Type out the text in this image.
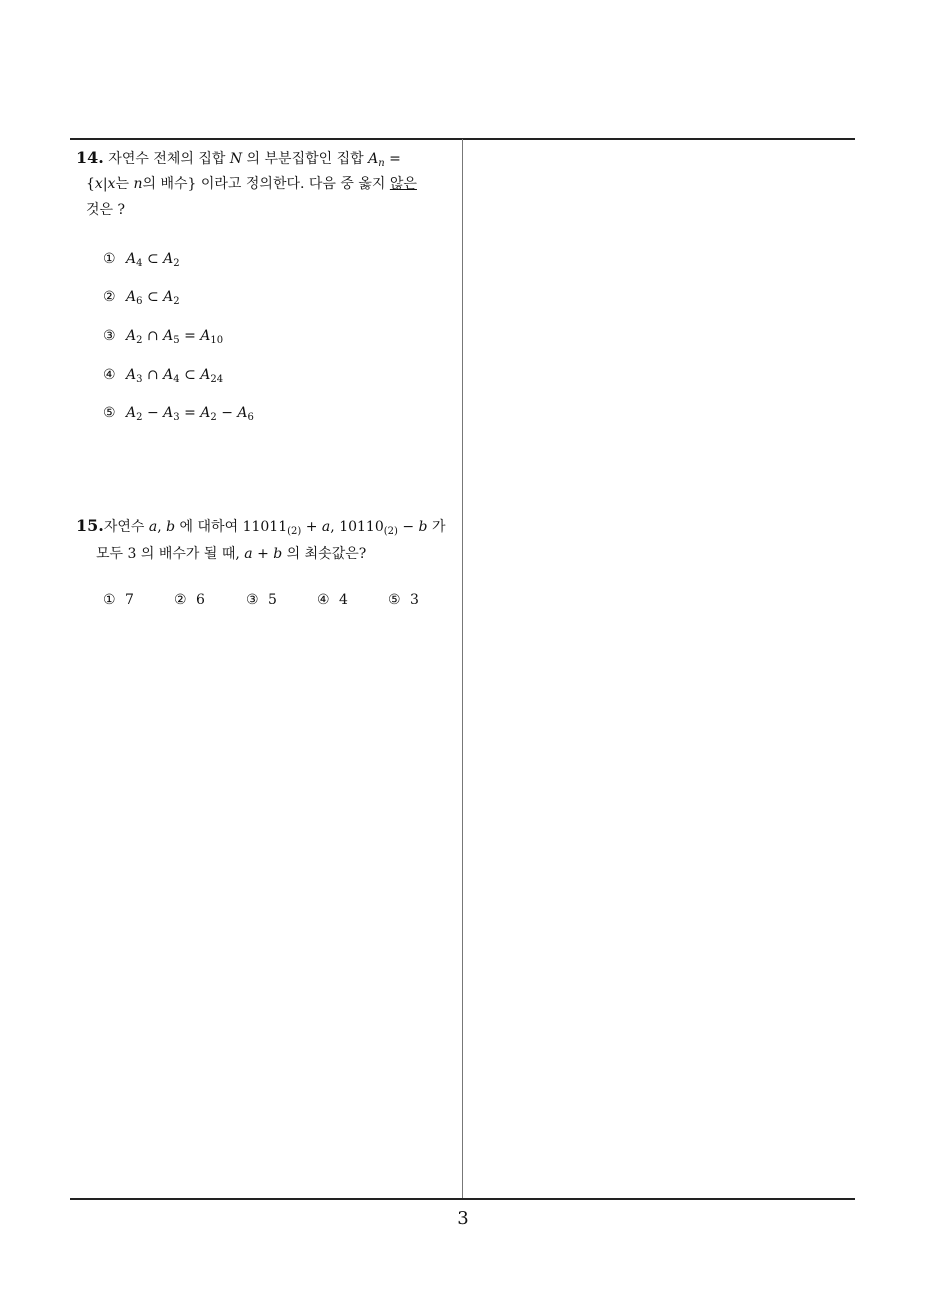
14. 자연수 전체의 집합 N 의 부분집합인 집합 $A_n$ =
{x|x는 n의 배수} 이라고 정의한다. 다음 중 옳지 않은
것은 ?
① $A_4$ ⊂ $A_2$
② $A_6$ ⊂ $A_2$
③ $A_2$ ∩ $A_5 = A_{10}$
④ $A_3$ ∩ $A_4$ ⊂ $A_{24}$
⑤ $A_2 - A_3 = A_2 - A_6$
15.자연수 a, b 에 대하여 $11011_{(2)} + a$, $10110_{(2)} - b$ 가
모두 3 의 배수가 될 때, a + b 의 최솟값은?
① 7	② 6	③ 5	④ 4	⑤ 3
3
